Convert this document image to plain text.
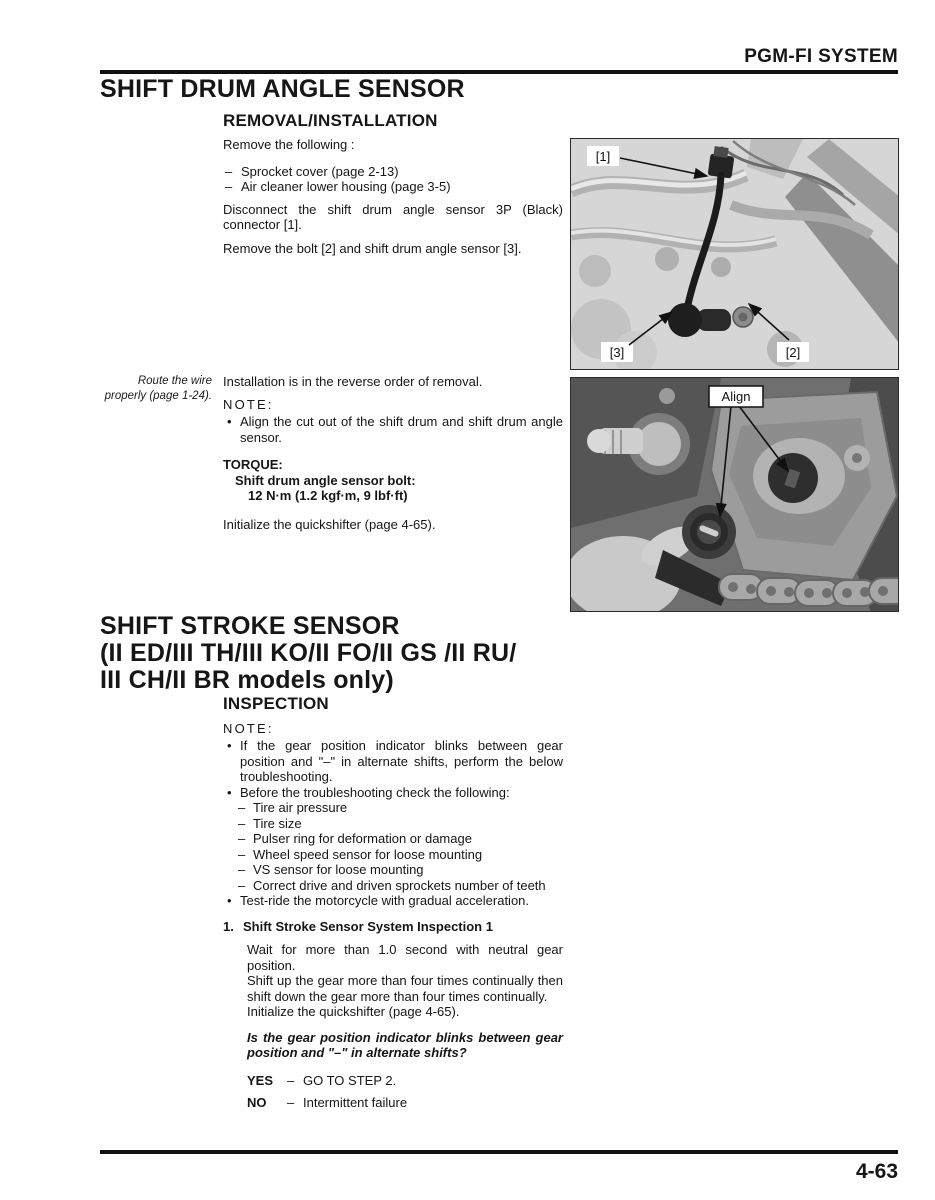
PGM-FI SYSTEM
SHIFT DRUM ANGLE SENSOR
REMOVAL/INSTALLATION
Remove the following :
– Sprocket cover (page 2-13)
– Air cleaner lower housing (page 3-5)
Disconnect the shift drum angle sensor 3P (Black) connector [1].
Remove the bolt [2] and shift drum angle sensor [3].
Route the wire properly (page 1-24).
Installation is in the reverse order of removal.
NOTE:
• Align the cut out of the shift drum and shift drum angle sensor.
TORQUE:
Shift drum angle sensor bolt:
12 N·m (1.2 kgf·m, 9 lbf·ft)
Initialize the quickshifter (page 4-65).
[1]
[3]	[2]
Align
SHIFT STROKE SENSOR
(II ED/III TH/III KO/II FO/II GS /II RU/
III CH/II BR models only)
INSPECTION
NOTE:
• If the gear position indicator blinks between gear position and "–" in alternate shifts, perform the below troubleshooting.
• Before the troubleshooting check the following:
– Tire air pressure
– Tire size
– Pulser ring for deformation or damage
– Wheel speed sensor for loose mounting
– VS sensor for loose mounting
– Correct drive and driven sprockets number of teeth
• Test-ride the motorcycle with gradual acceleration.
1. Shift Stroke Sensor System Inspection 1
Wait for more than 1.0 second with neutral gear position.
Shift up the gear more than four times continually then shift down the gear more than four times continually.
Initialize the quickshifter (page 4-65).
Is the gear position indicator blinks between gear position and "–" in alternate shifts?
YES	– GO TO STEP 2.
NO	– Intermittent failure
4-63
